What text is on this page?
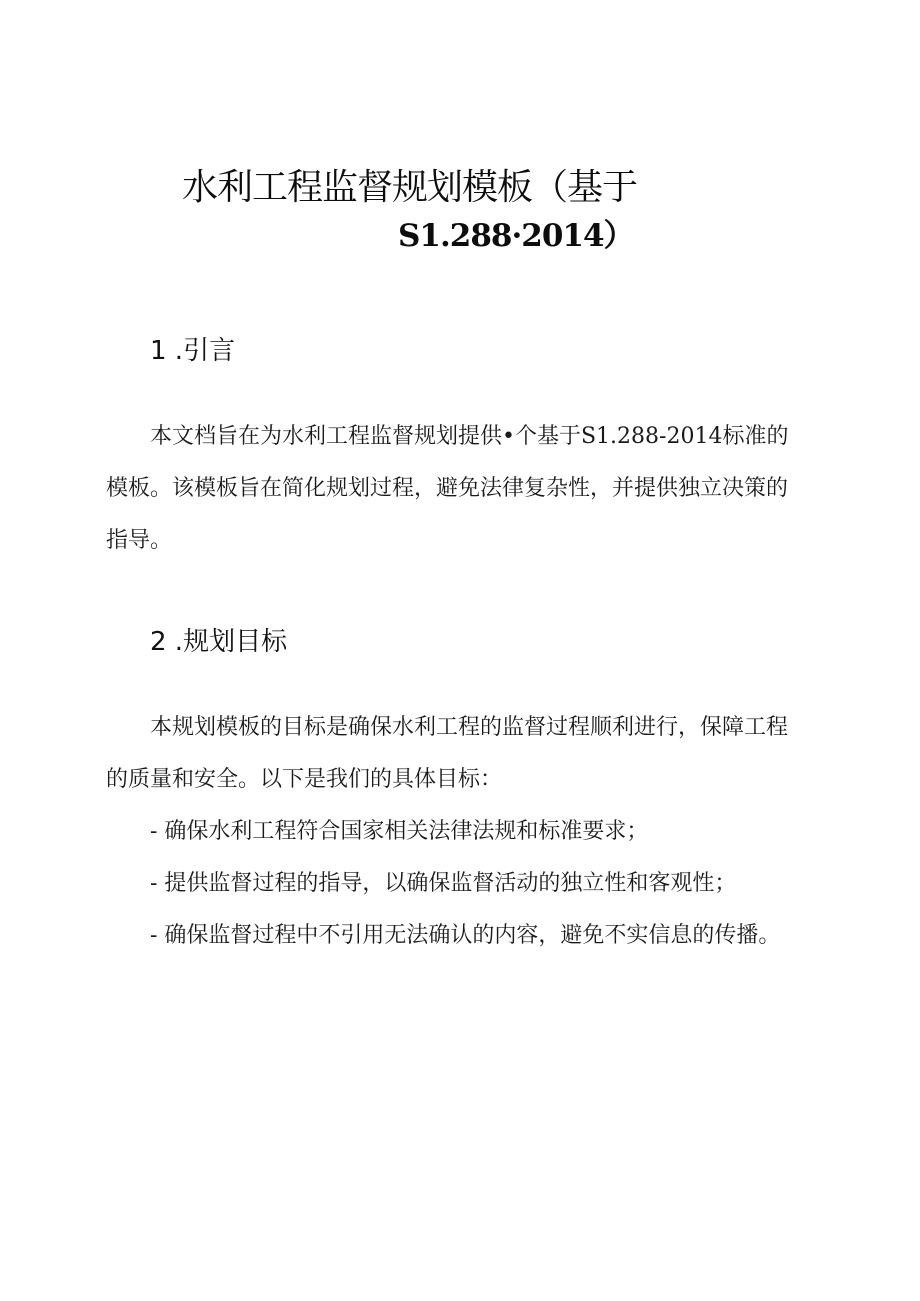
水利工程监督规划模板（基于
S1.288·2014）
1 .引言
本文档旨在为水利工程监督规划提供•个基于S1.288-2014标准的模板。该模板旨在简化规划过程，避免法律复杂性，并提供独立决策的指导。
2 .规划目标
本规划模板的目标是确保水利工程的监督过程顺利进行，保障工程的质量和安全。以下是我们的具体目标：
- 确保水利工程符合国家相关法律法规和标准要求；
- 提供监督过程的指导，以确保监督活动的独立性和客观性；
- 确保监督过程中不引用无法确认的内容，避免不实信息的传播。
